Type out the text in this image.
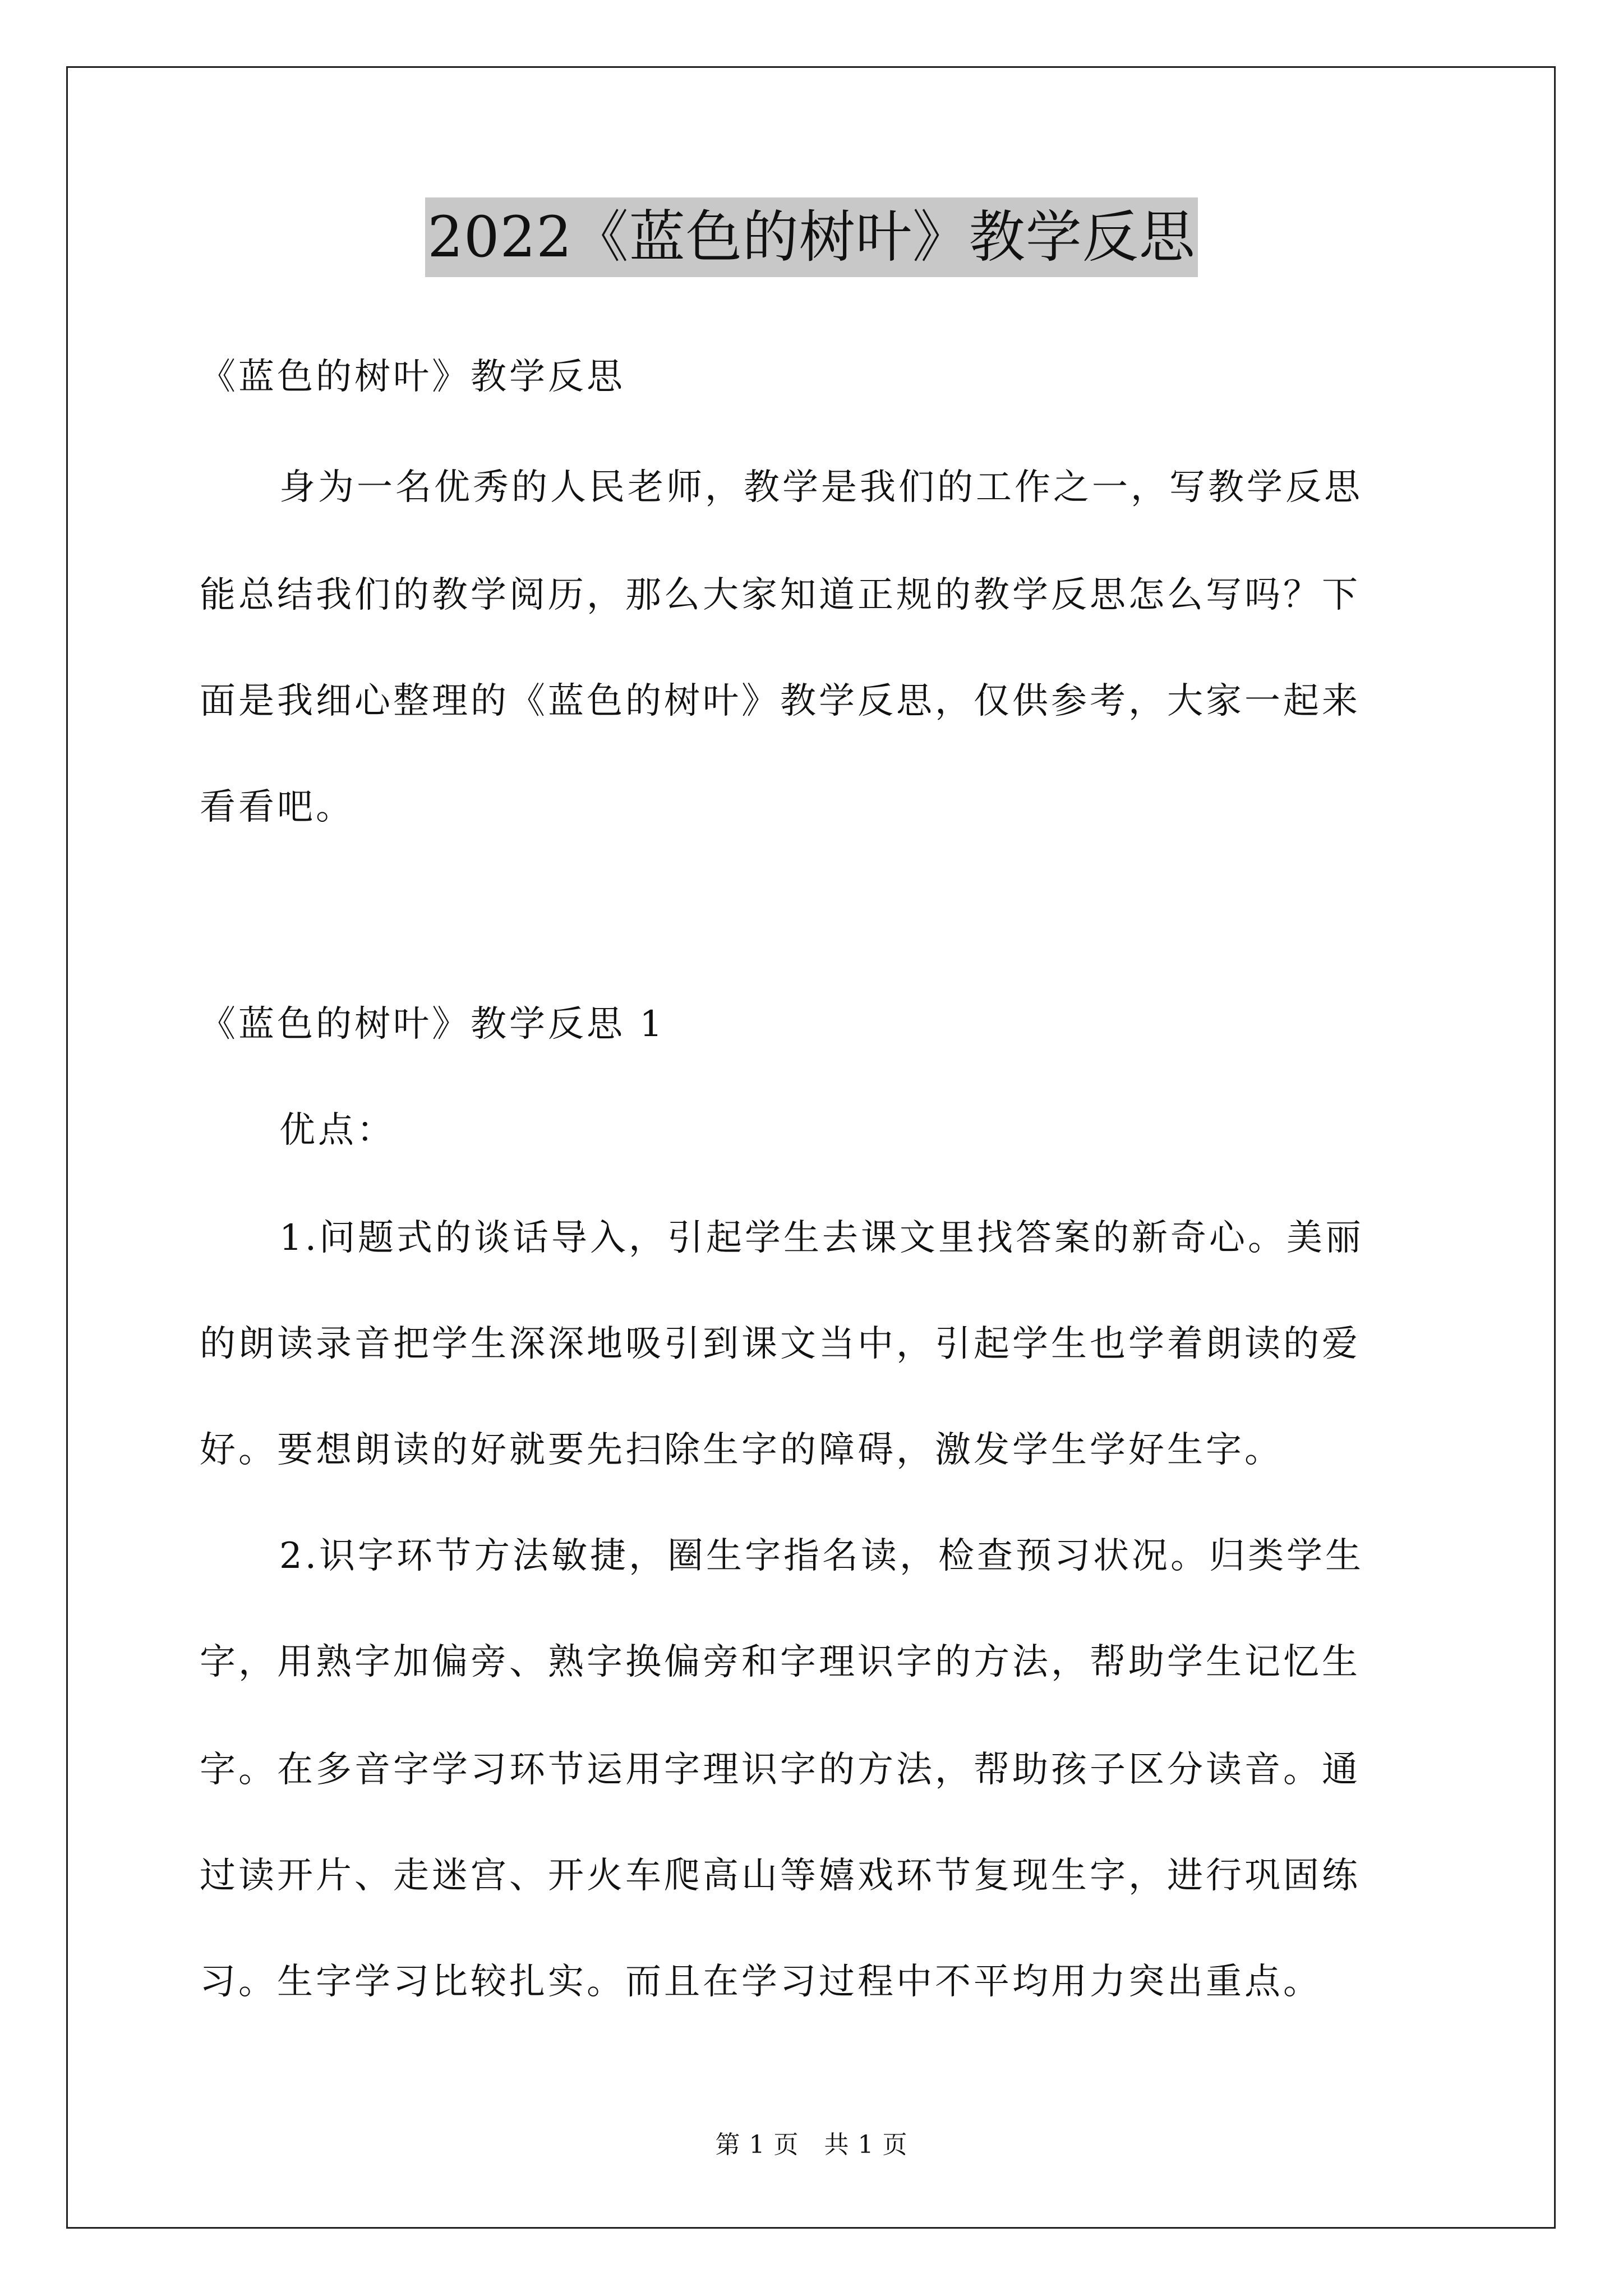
2022《蓝色的树叶》教学反思
《蓝色的树叶》教学反思
身为一名优秀的人民老师，教学是我们的工作之一，写教学反思
能总结我们的教学阅历，那么大家知道正规的教学反思怎么写吗？下
面是我细心整理的《蓝色的树叶》教学反思，仅供参考，大家一起来
看看吧。
《蓝色的树叶》教学反思 1
优点：
1.问题式的谈话导入，引起学生去课文里找答案的新奇心。美丽
的朗读录音把学生深深地吸引到课文当中，引起学生也学着朗读的爱
好。要想朗读的好就要先扫除生字的障碍，激发学生学好生字。
2.识字环节方法敏捷，圈生字指名读，检查预习状况。归类学生
字，用熟字加偏旁、熟字换偏旁和字理识字的方法，帮助学生记忆生
字。在多音字学习环节运用字理识字的方法，帮助孩子区分读音。通
过读开片、走迷宫、开火车爬高山等嬉戏环节复现生字，进行巩固练
习。生字学习比较扎实。而且在学习过程中不平均用力突出重点。
第 1 页　共 1 页
